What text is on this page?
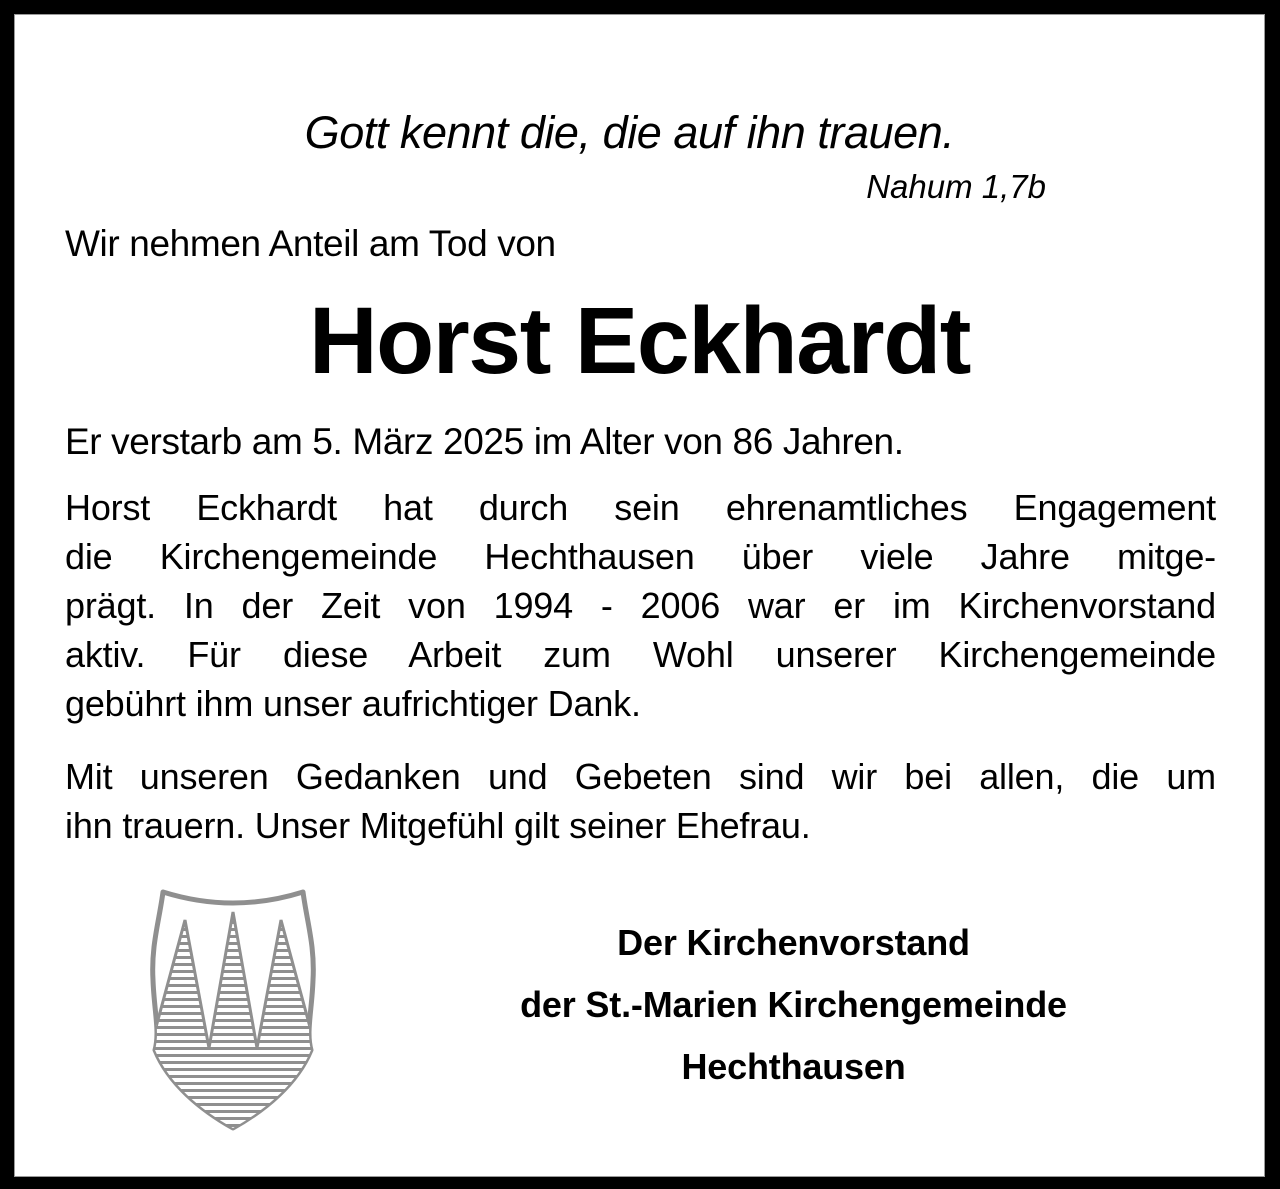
Gott kennt die, die auf ihn trauen.
Nahum 1,7b
Wir nehmen Anteil am Tod von
Horst Eckhardt
Er verstarb am 5. März 2025 im Alter von 86 Jahren.
Horst Eckhardt hat durch sein ehrenamtliches Engagement
die Kirchengemeinde Hechthausen über viele Jahre mitge-
prägt. In der Zeit von 1994 - 2006 war er im Kirchenvorstand
aktiv. Für diese Arbeit zum Wohl unserer Kirchengemeinde
gebührt ihm unser aufrichtiger Dank.
Mit unseren Gedanken und Gebeten sind wir bei allen, die um
ihn trauern. Unser Mitgefühl gilt seiner Ehefrau.
Der Kirchenvorstand
der St.-Marien Kirchengemeinde
Hechthausen
